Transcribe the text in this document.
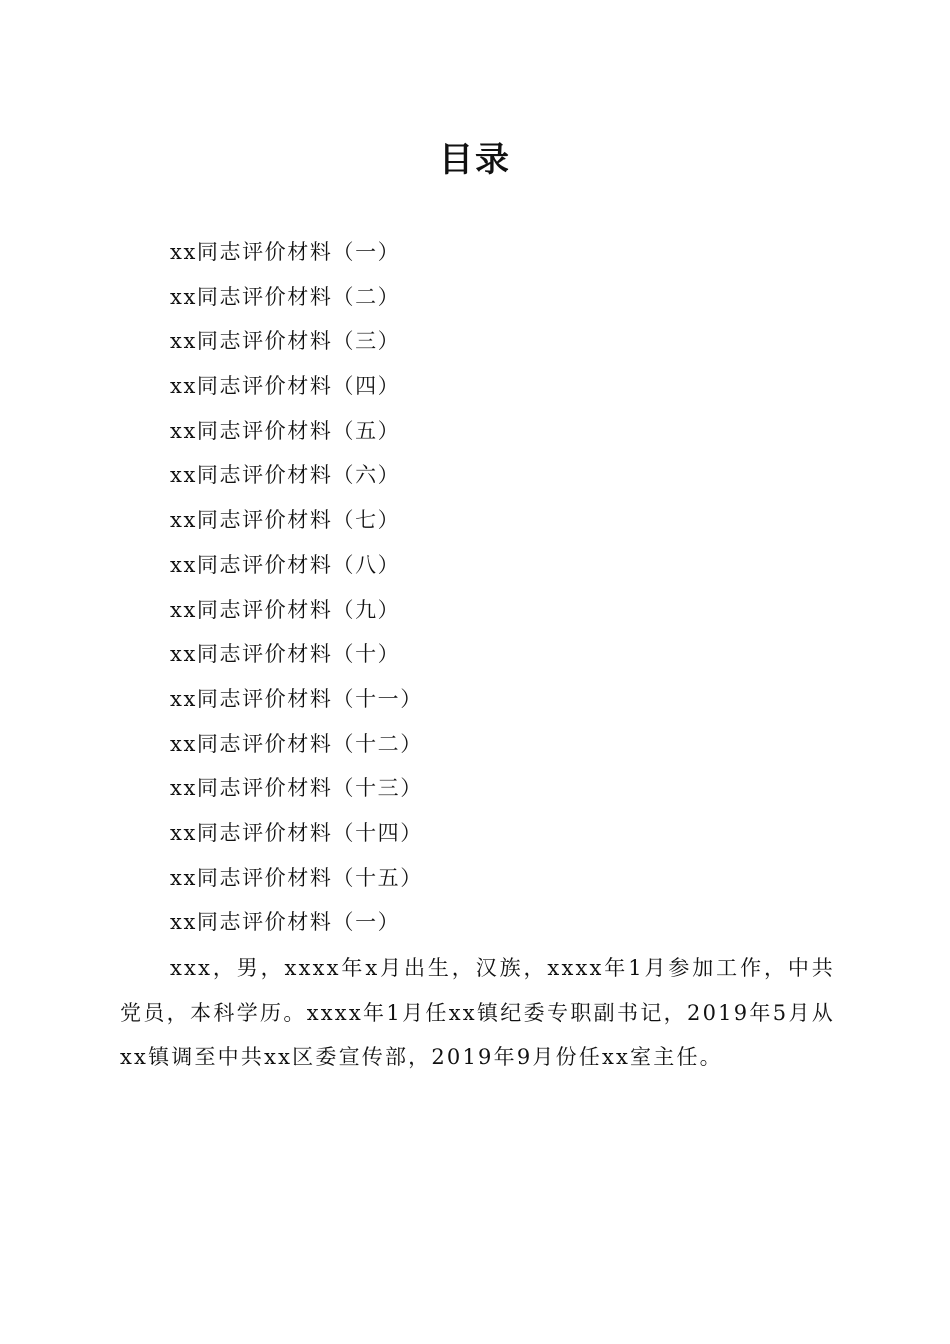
目录
xx同志评价材料（一）
xx同志评价材料（二）
xx同志评价材料（三）
xx同志评价材料（四）
xx同志评价材料（五）
xx同志评价材料（六）
xx同志评价材料（七）
xx同志评价材料（八）
xx同志评价材料（九）
xx同志评价材料（十）
xx同志评价材料（十一）
xx同志评价材料（十二）
xx同志评价材料（十三）
xx同志评价材料（十四）
xx同志评价材料（十五）

xx同志评价材料（一）

xxx，男，xxxx年x月出生，汉族，xxxx年1月参加工作，中共党员，本科学历。xxxx年1月任xx镇纪委专职副书记，2019年5月从xx镇调至中共xx区委宣传部，2019年9月份任xx室主任。
